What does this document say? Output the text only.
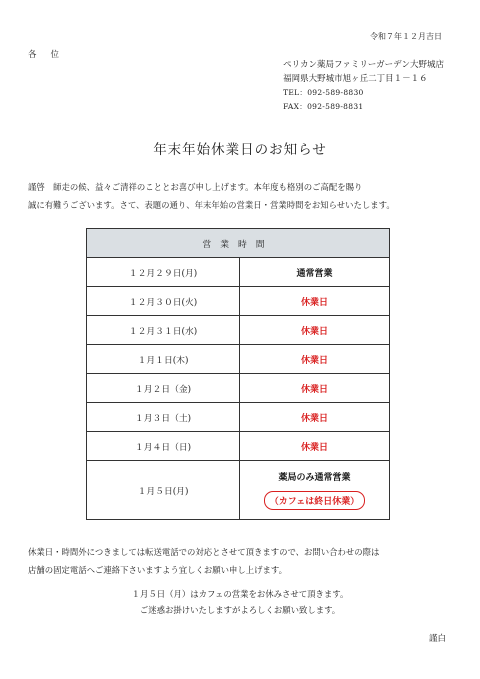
令和７年１２月吉日
各位
ペリカン薬局ファミリーガーデン大野城店
福岡県大野城市旭ヶ丘二丁目１－１６
TEL：092-589-8830
FAX：092-589-8831
年末年始休業日のお知らせ
謹啓　師走の候、益々ご清祥のこととお喜び申し上げます。本年度も格別のご高配を賜り
誠に有難うございます。さて、表題の通り、年末年始の営業日・営業時間をお知らせいたします。
営業時間	
１２月２９日(月)	通常営業
１２月３０日(火)	休業日
１２月３１日(水)	休業日
１月１日(木)	休業日
１月２日（金)	休業日
１月３日（土)	休業日
１月４日（日)	休業日
１月５日(月)	薬局のみ通常営業
（カフェは終日休業）
休業日・時間外につきましては転送電話での対応とさせて頂きますので、お問い合わせの際は
店舗の固定電話へご連絡下さいますよう宜しくお願い申し上げます。
１月５日（月）はカフェの営業をお休みさせて頂きます。
ご迷惑お掛けいたしますがよろしくお願い致します。
謹白
